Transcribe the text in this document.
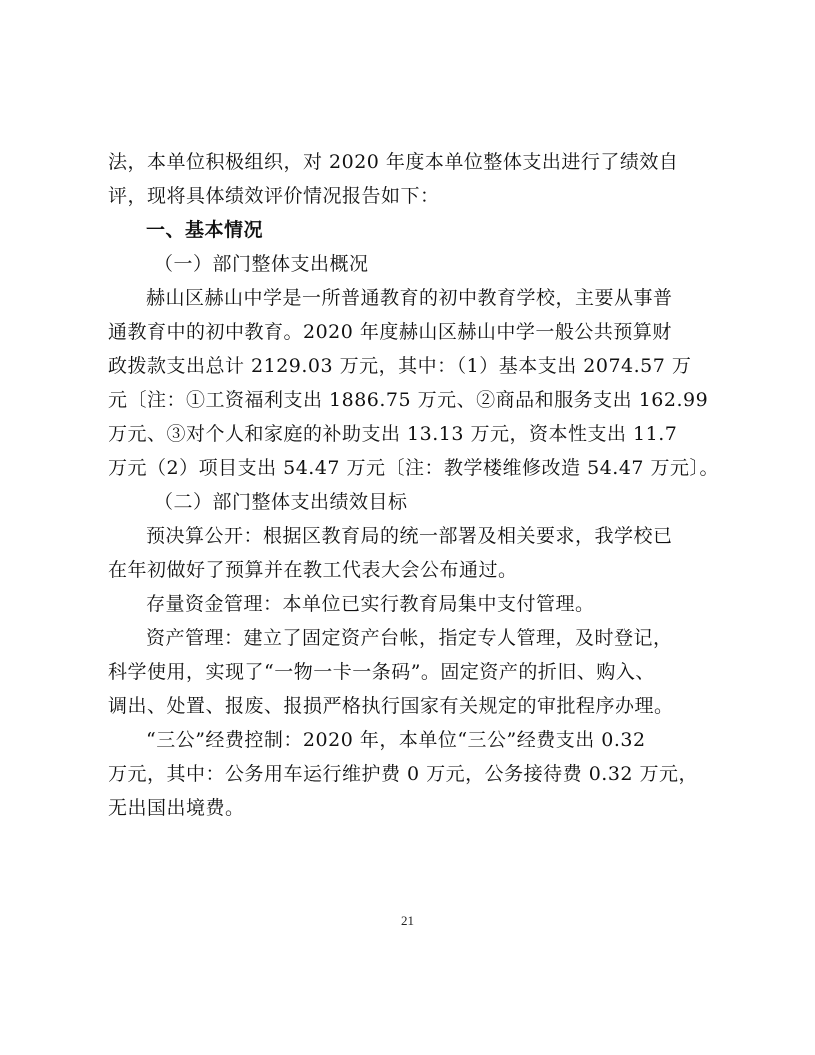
法，本单位积极组织，对 2020 年度本单位整体支出进行了绩效自

评，现将具体绩效评价情况报告如下：

一、基本情况

（一）部门整体支出概况

赫山区赫山中学是一所普通教育的初中教育学校，主要从事普

通教育中的初中教育。2020 年度赫山区赫山中学一般公共预算财

政拨款支出总计 2129.03 万元，其中：（1）基本支出 2074.57 万

元〔注：①工资福利支出 1886.75 万元、②商品和服务支出 162.99

万元、③对个人和家庭的补助支出 13.13 万元，资本性支出 11.7

万元（2）项目支出 54.47 万元〔注：教学楼维修改造 54.47 万元〕。

（二）部门整体支出绩效目标

预决算公开：根据区教育局的统一部署及相关要求，我学校已

在年初做好了预算并在教工代表大会公布通过。

存量资金管理：本单位已实行教育局集中支付管理。

资产管理：建立了固定资产台帐，指定专人管理，及时登记，

科学使用，实现了“一物一卡一条码”。固定资产的折旧、购入、

调出、处置、报废、报损严格执行国家有关规定的审批程序办理。

“三公”经费控制：2020 年，本单位“三公”经费支出 0.32

万元，其中：公务用车运行维护费 0 万元，公务接待费 0.32 万元，

无出国出境费。

21
